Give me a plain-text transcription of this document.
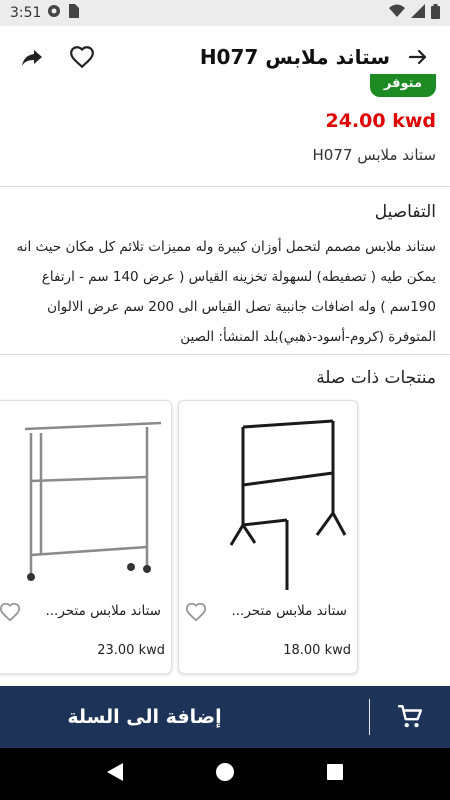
3:51
ستاند ملابس H077
متوفر
24.00 kwd
ستاند ملابس H077
التفاصيل
ستاند ملابس مصمم لتحمل أوزان كبيرة وله مميزات تلائم كل مكان حيث انه يمكن طيه ( تصفيطه) لسهولة تخزينه القياس ( عرض 140 سم - ارتفاع 190سم ) وله اضافات جانبية تصل القياس الى 200 سم عرض الالوان المتوفرة (كروم-أسود-ذهبي)بلد المنشأ: الصين
منتجات ذات صلة
ستاند ملابس متحر...
18.00 kwd
ستاند ملابس متحر...
23.00 kwd
إضافة الى السلة
